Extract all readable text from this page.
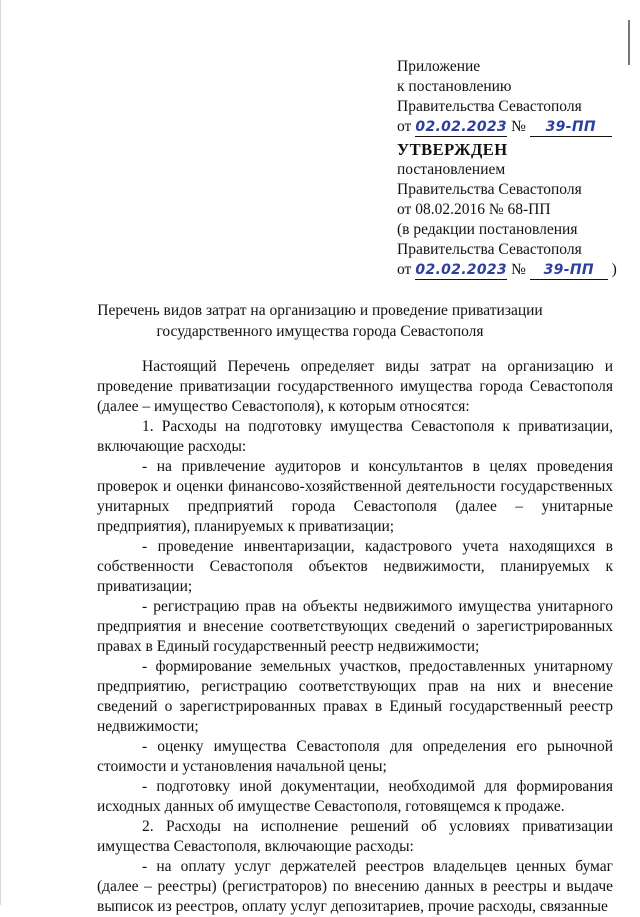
Приложение
к постановлению
Правительства Севастополя
от 02.02.2023 № 39-ПП
УТВЕРЖДЕН
постановлением
Правительства Севастополя
от 08.02.2016 № 68-ПП
(в редакции постановления
Правительства Севастополя
от 02.02.2023 № 39-ПП )
Перечень видов затрат на организацию и проведение приватизации
государственного имущества города Севастополя

Настоящий Перечень определяет виды затрат на организацию и проведение приватизации государственного имущества города Севастополя (далее – имущество Севастополя), к которым относятся:

1. Расходы на подготовку имущества Севастополя к приватизации, включающие расходы:

- на привлечение аудиторов и консультантов в целях проведения проверок и оценки финансово-хозяйственной деятельности государственных унитарных предприятий города Севастополя (далее – унитарные предприятия), планируемых к приватизации;

- проведение инвентаризации, кадастрового учета находящихся в собственности Севастополя объектов недвижимости, планируемых к приватизации;

- регистрацию прав на объекты недвижимого имущества унитарного предприятия и внесение соответствующих сведений о зарегистрированных правах в Единый государственный реестр недвижимости;

- формирование земельных участков, предоставленных унитарному предприятию, регистрацию соответствующих прав на них и внесение сведений о зарегистрированных правах в Единый государственный реестр недвижимости;

- оценку имущества Севастополя для определения его рыночной стоимости и установления начальной цены;

- подготовку иной документации, необходимой для формирования исходных данных об имуществе Севастополя, готовящемся к продаже.

2. Расходы на исполнение решений об условиях приватизации имущества Севастополя, включающие расходы:

- на оплату услуг держателей реестров владельцев ценных бумаг (далее – реестры) (регистраторов) по внесению данных в реестры и выдаче выписок из реестров, оплату услуг депозитариев, прочие расходы, связанные
